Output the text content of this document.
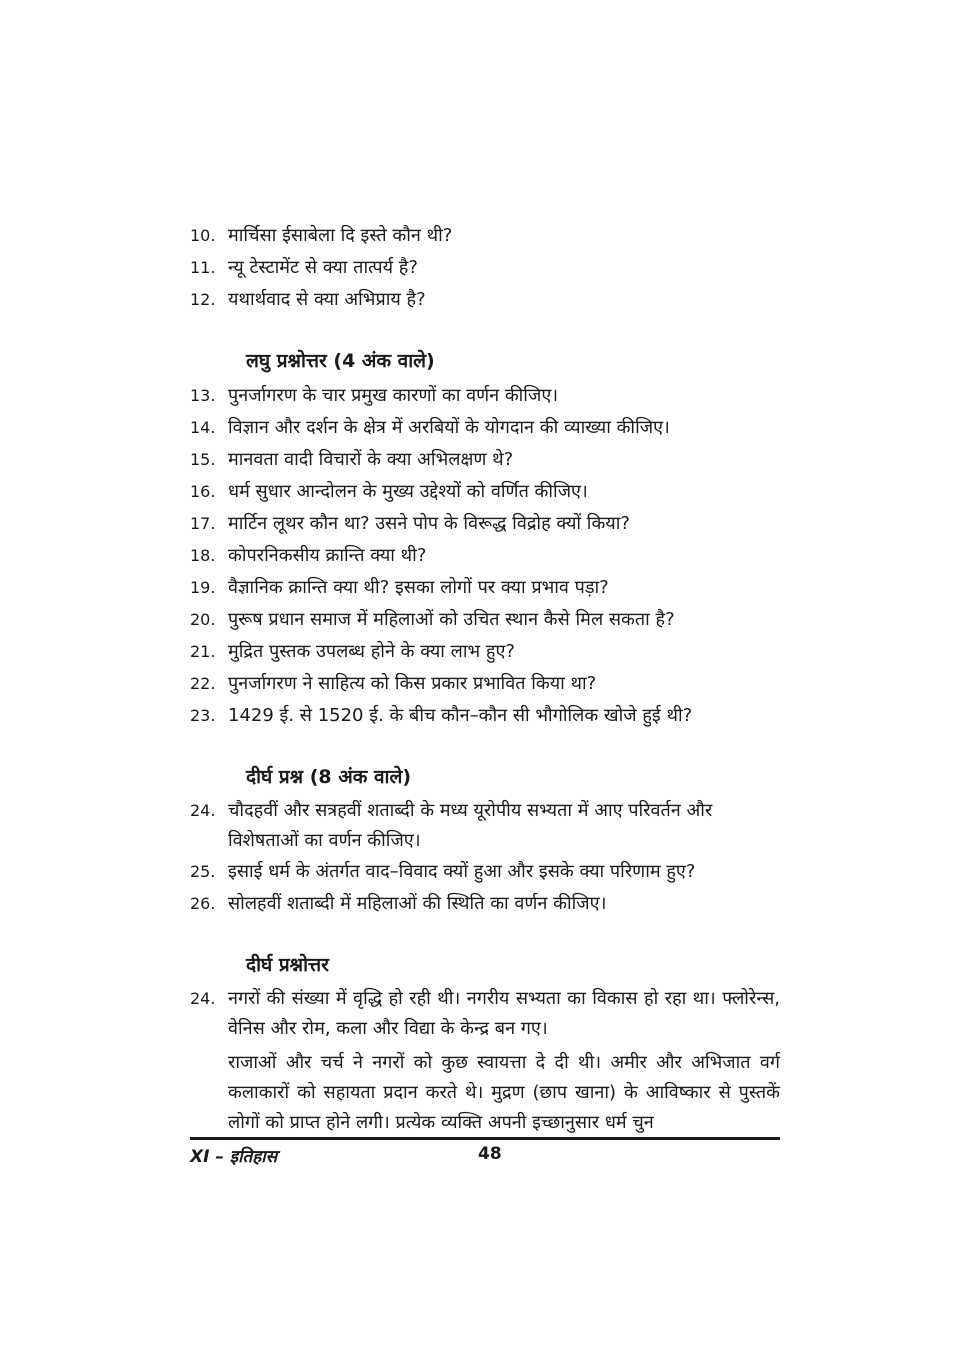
10. मार्चिसा ईसाबेला दि इस्ते कौन थी?
11. न्यू टेस्टामेंट से क्या तात्पर्य है?
12. यथार्थवाद से क्या अभिप्राय है?
लघु प्रश्नोत्तर (4 अंक वाले)
13. पुनर्जागरण के चार प्रमुख कारणों का वर्णन कीजिए।
14. विज्ञान और दर्शन के क्षेत्र में अरबियों के योगदान की व्याख्या कीजिए।
15. मानवता वादी विचारों के क्या अभिलक्षण थे?
16. धर्म सुधार आन्दोलन के मुख्य उद्देश्यों को वर्णित कीजिए।
17. मार्टिन लूथर कौन था? उसने पोप के विरूद्ध विद्रोह क्यों किया?
18. कोपरनिकसीय क्रान्ति क्या थी?
19. वैज्ञानिक क्रान्ति क्या थी? इसका लोगों पर क्या प्रभाव पड़ा?
20. पुरूष प्रधान समाज में महिलाओं को उचित स्थान कैसे मिल सकता है?
21. मुद्रित पुस्तक उपलब्ध होने के क्या लाभ हुए?
22. पुनर्जागरण ने साहित्य को किस प्रकार प्रभावित किया था?
23. 1429 ई. से 1520 ई. के बीच कौन–कौन सी भौगोलिक खोजे हुई थी?
दीर्घ प्रश्न (8 अंक वाले)
24. चौदहवीं और सत्रहवीं शताब्दी के मध्य यूरोपीय सभ्यता में आए परिवर्तन और विशेषताओं का वर्णन कीजिए।
25. इसाई धर्म के अंतर्गत वाद–विवाद क्यों हुआ और इसके क्या परिणाम हुए?
26. सोलहवीं शताब्दी में महिलाओं की स्थिति का वर्णन कीजिए।
दीर्घ प्रश्नोत्तर
24. नगरों की संख्या में वृद्धि हो रही थी। नगरीय सभ्यता का विकास हो रहा था। फ्लोरेन्स, वेनिस और रोम, कला और विद्या के केन्द्र बन गए।
राजाओं और चर्च ने नगरों को कुछ स्वायत्ता दे दी थी। अमीर और अभिजात वर्ग कलाकारों को सहायता प्रदान करते थे। मुद्रण (छाप खाना) के आविष्कार से पुस्तकें लोगों को प्राप्त होने लगी। प्रत्येक व्यक्ति अपनी इच्छानुसार धर्म चुन
XI – इतिहास	48
